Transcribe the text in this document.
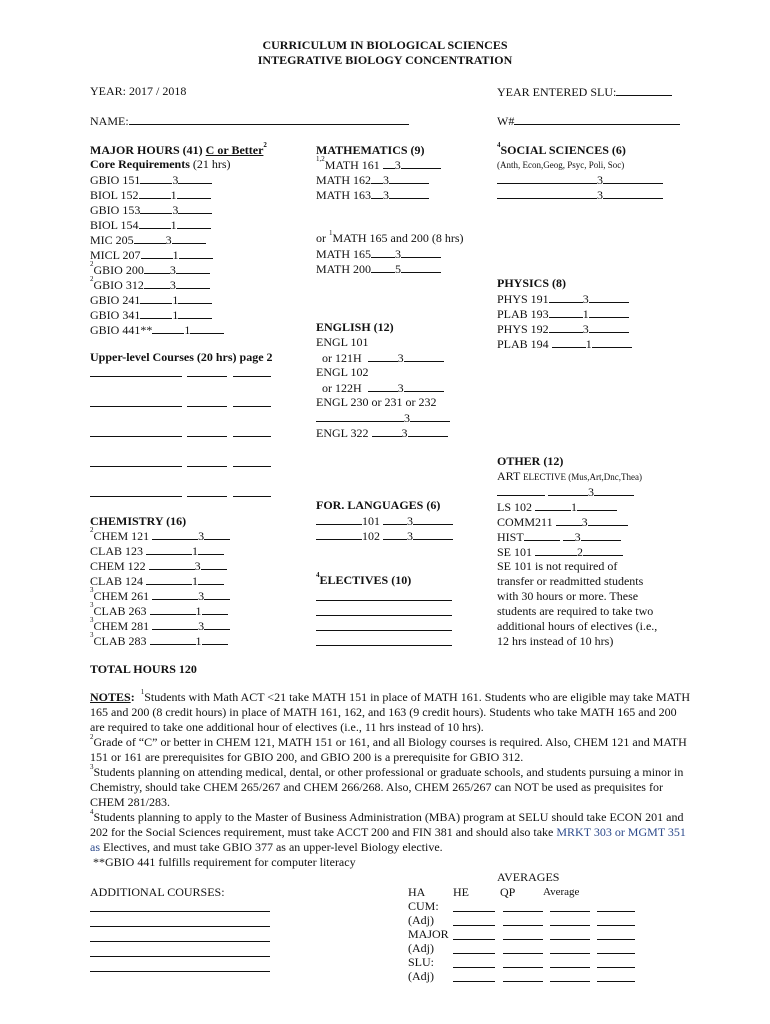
CURRICULUM IN BIOLOGICAL SCIENCES
INTEGRATIVE BIOLOGY CONCENTRATION
YEAR: 2017 / 2018	YEAR ENTERED SLU:
NAME:	W#
MAJOR HOURS (41) C or Better$^2$
Core Requirements (21 hrs)
GBIO 151	3
BIOL 152	1
GBIO 153	3
BIOL 154	1
MIC 205	3
MICL 207	1
$^2$GBIO 200 3
$^2$GBIO 312 3
GBIO 241	1
GBIO 341	1
GBIO 441**	1
Upper-level Courses (20 hrs) page 2
CHEMISTRY (16)
$^2$CHEM 121	3
CLAB 123	1
CHEM 122	3
CLAB 124	1
$^3$CHEM 261	3
$^3$CLAB 263	1
$^3$CHEM 281	3
$^3$CLAB 283	1
MATHEMATICS (9)
$^{1,2}$MATH 161 3
MATH 162 3
MATH 163 3
or $^1$MATH 165 and 200 (8 hrs)
MATH 165 3
MATH 200 5
ENGLISH (12)
ENGL 101
or 121H	3
ENGL 102
or 122H	3
ENGL 230 or 231 or 232
3
ENGL 322	3
FOR. LANGUAGES (6)
101 3
102 3
$^4$ELECTIVES (10)
$^4$SOCIAL SCIENCES (6)
(Anth, Econ,Geog, Psyc, Poli, Soc)
3
3
PHYSICS (8)
PHYS 191	3
PLAB 193	1
PHYS 192	3
PLAB 194	1
OTHER (12)
ART ELECTIVE (Mus,Art,Dnc,Thea)
3
LS 102	1
COMM211 3
HIST	3
SE 101	2
SE 101 is not required of
transfer or readmitted students
with 30 hours or more. These
students are required to take two
additional hours of electives (i.e.,
12 hrs instead of 10 hrs)
TOTAL HOURS 120

NOTES:  $^1$Students with Math ACT <21 take MATH 151 in place of MATH 161. Students who are eligible may take MATH 165 and 200 (8 credit hours) in place of MATH 161, 162, and 163 (9 credit hours). Students who take MATH 165 and 200 are required to take one additional hour of electives (i.e., 11 hrs instead of 10 hrs).

$^2$Grade of “C” or better in CHEM 121, MATH 151 or 161, and all Biology courses is required. Also, CHEM 121 and MATH 151 or 161 are prerequisites for GBIO 200, and GBIO 200 is a prerequisite for GBIO 312.

$^3$Students planning on attending medical, dental, or other professional or graduate schools, and students pursuing a minor in Chemistry, should take CHEM 265/267 and CHEM 266/268. Also, CHEM 265/267 can NOT be used as prequisites for CHEM 281/283.

$^4$Students planning to apply to the Master of Business Administration (MBA) program at SELU should take ECON 201 and 202 for the Social Sciences requirement, must take ACCT 200 and FIN 381 and should also take MRKT 303 or MGMT 351 as Electives, and must take GBIO 377 as an upper-level Biology elective.

**GBIO 441 fulfills requirement for computer literacy

ADDITIONAL COURSES:
AVERAGES
HA HE	QP	Average
CUM:
(Adj)
MAJOR
(Adj)
SLU:
(Adj)
